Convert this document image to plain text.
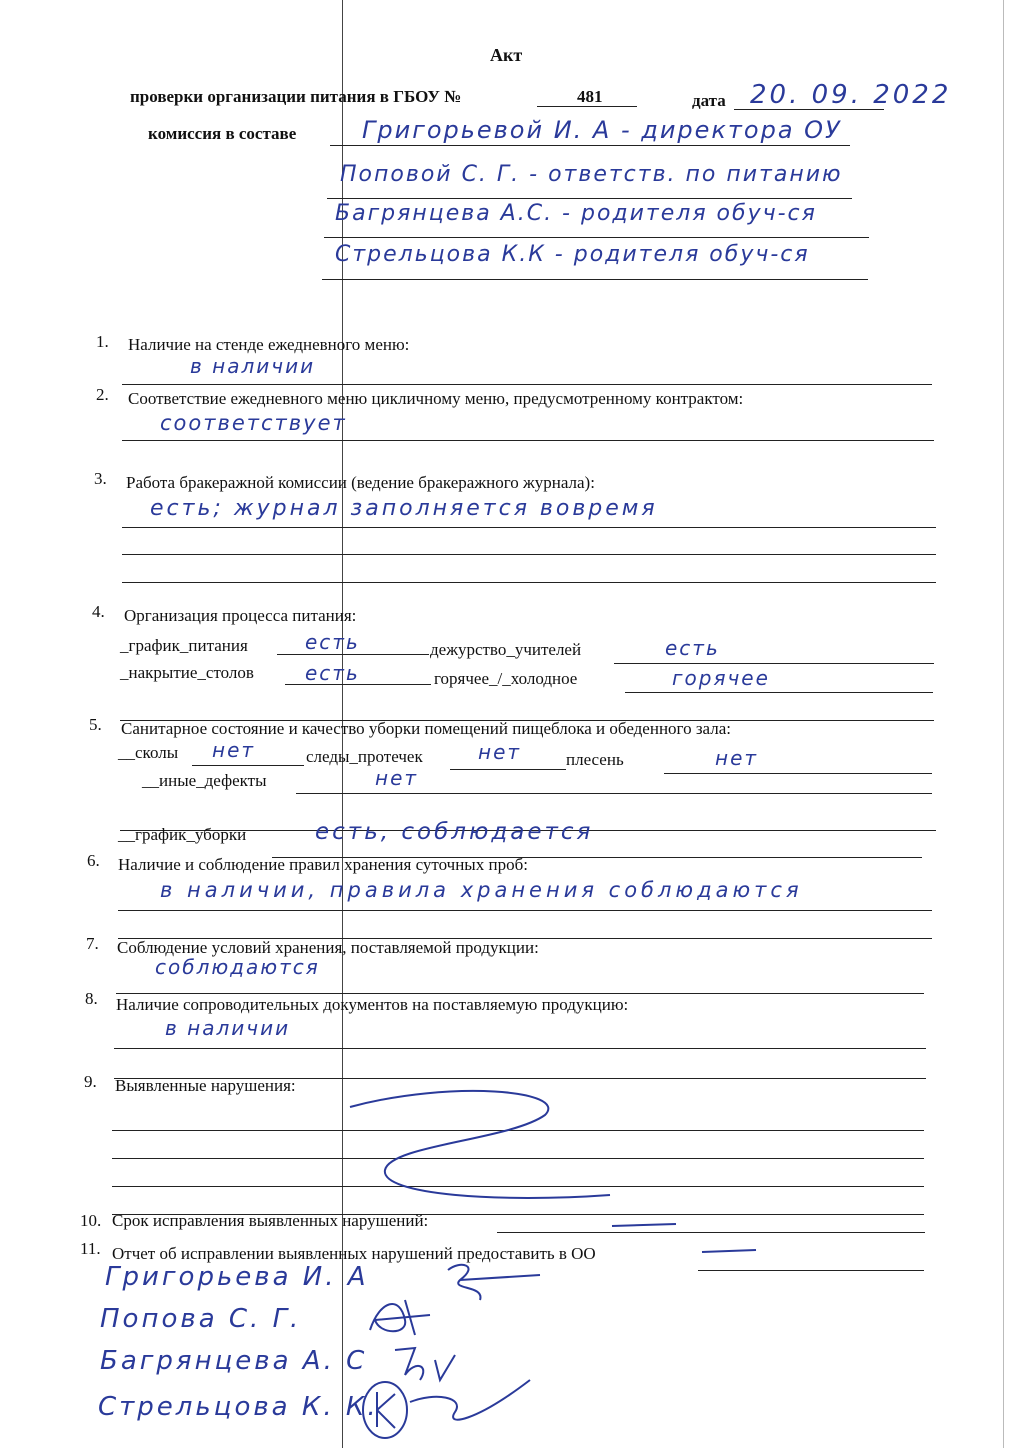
Акт
проверки организации питания в ГБОУ №	481	дата 20. 09. 2022
комиссия в составе	Григорьевой И. А - директора ОУ
Поповой С. Г. - ответств. по питанию
Багрянцева А.С. - родителя обуч-ся
Стрельцова К.К - родителя обуч-ся
1. Наличие на стенде ежедневного меню:
в наличии
2. Соответствие ежедневного меню цикличному меню, предусмотренному контрактом:
соответствует
3. Работа бракеражной комиссии (ведение бракеражного журнала):
есть; журнал заполняется вовремя
4. Организация процесса питания:
_график_питания	есть	дежурство_учителей	есть
_накрытие_столов	есть	горячее_/_холодное	горячее
5. Санитарное состояние и качество уборки помещений пищеблока и обеденного зала:
__сколы нет	следы_протечек	нет	плесень	нет
__иные_дефекты	нет
__график_уборки	есть, соблюдается
6. Наличие и соблюдение правил хранения суточных проб:
в наличии, правила хранения соблюдаются
7. Соблюдение условий хранения, поставляемой продукции:
соблюдаются
8. Наличие сопроводительных документов на поставляемую продукцию:
в наличии
9. Выявленные нарушения:
10. Срок исправления выявленных нарушений:
11. Отчет об исправлении выявленных нарушений предоставить в ОО
Григорьева И. А
Попова С. Г.
Багрянцева А. С
Стрельцова К. К.
